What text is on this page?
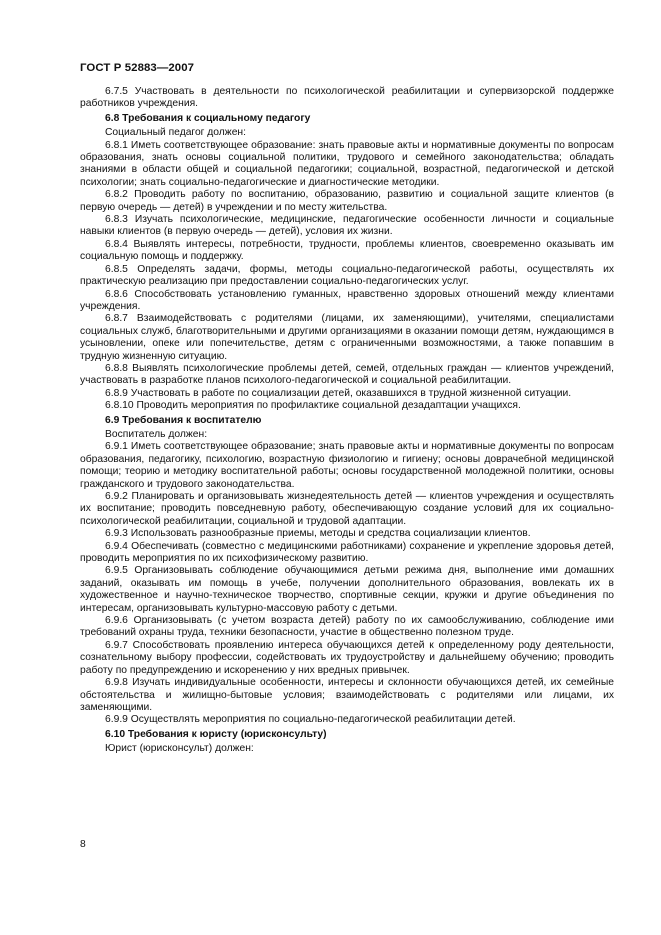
ГОСТ Р 52883—2007

6.7.5 Участвовать в деятельности по психологической реабилитации и супервизорской поддержке работников учреждения.

6.8 Требования к социальному педагогу

Социальный педагог должен:

6.8.1 Иметь соответствующее образование: знать правовые акты и нормативные документы по вопросам образования, знать основы социальной политики, трудового и семейного законодательства; обладать знаниями в области общей и социальной педагогики; социальной, возрастной, педагогической и детской психологии; знать социально-педагогические и диагностические методики.

6.8.2 Проводить работу по воспитанию, образованию, развитию и социальной защите клиентов (в первую очередь — детей) в учреждении и по месту жительства.

6.8.3 Изучать психологические, медицинские, педагогические особенности личности и социальные навыки клиентов (в первую очередь — детей), условия их жизни.

6.8.4 Выявлять интересы, потребности, трудности, проблемы клиентов, своевременно оказывать им социальную помощь и поддержку.

6.8.5 Определять задачи, формы, методы социально-педагогической работы, осуществлять их практическую реализацию при предоставлении социально-педагогических услуг.

6.8.6 Способствовать установлению гуманных, нравственно здоровых отношений между клиентами учреждения.

6.8.7 Взаимодействовать с родителями (лицами, их заменяющими), учителями, специалистами социальных служб, благотворительными и другими организациями в оказании помощи детям, нуждающимся в усыновлении, опеке или попечительстве, детям с ограниченными возможностями, а также попавшим в трудную жизненную ситуацию.

6.8.8 Выявлять психологические проблемы детей, семей, отдельных граждан — клиентов учреждений, участвовать в разработке планов психолого-педагогической и социальной реабилитации.

6.8.9 Участвовать в работе по социализации детей, оказавшихся в трудной жизненной ситуации.

6.8.10 Проводить мероприятия по профилактике социальной дезадаптации учащихся.

6.9 Требования к воспитателю

Воспитатель должен:

6.9.1 Иметь соответствующее образование; знать правовые акты и нормативные документы по вопросам образования, педагогику, психологию, возрастную физиологию и гигиену; основы доврачебной медицинской помощи; теорию и методику воспитательной работы; основы государственной молодежной политики, основы гражданского и трудового законодательства.

6.9.2 Планировать и организовывать жизнедеятельность детей — клиентов учреждения и осуществлять их воспитание; проводить повседневную работу, обеспечивающую создание условий для их социально-психологической реабилитации, социальной и трудовой адаптации.

6.9.3 Использовать разнообразные приемы, методы и средства социализации клиентов.

6.9.4 Обеспечивать (совместно с медицинскими работниками) сохранение и укрепление здоровья детей, проводить мероприятия по их психофизическому развитию.

6.9.5 Организовывать соблюдение обучающимися детьми режима дня, выполнение ими домашних заданий, оказывать им помощь в учебе, получении дополнительного образования, вовлекать их в художественное и научно-техническое творчество, спортивные секции, кружки и другие объединения по интересам, организовывать культурно-массовую работу с детьми.

6.9.6 Организовывать (с учетом возраста детей) работу по их самообслуживанию, соблюдение ими требований охраны труда, техники безопасности, участие в общественно полезном труде.

6.9.7 Способствовать проявлению интереса обучающихся детей к определенному роду деятельности, сознательному выбору профессии, содействовать их трудоустройству и дальнейшему обучению; проводить работу по предупреждению и искоренению у них вредных привычек.

6.9.8 Изучать индивидуальные особенности, интересы и склонности обучающихся детей, их семейные обстоятельства и жилищно-бытовые условия; взаимодействовать с родителями или лицами, их заменяющими.

6.9.9 Осуществлять мероприятия по социально-педагогической реабилитации детей.

6.10 Требования к юристу (юрисконсульту)

Юрист (юрисконсульт) должен:

8
